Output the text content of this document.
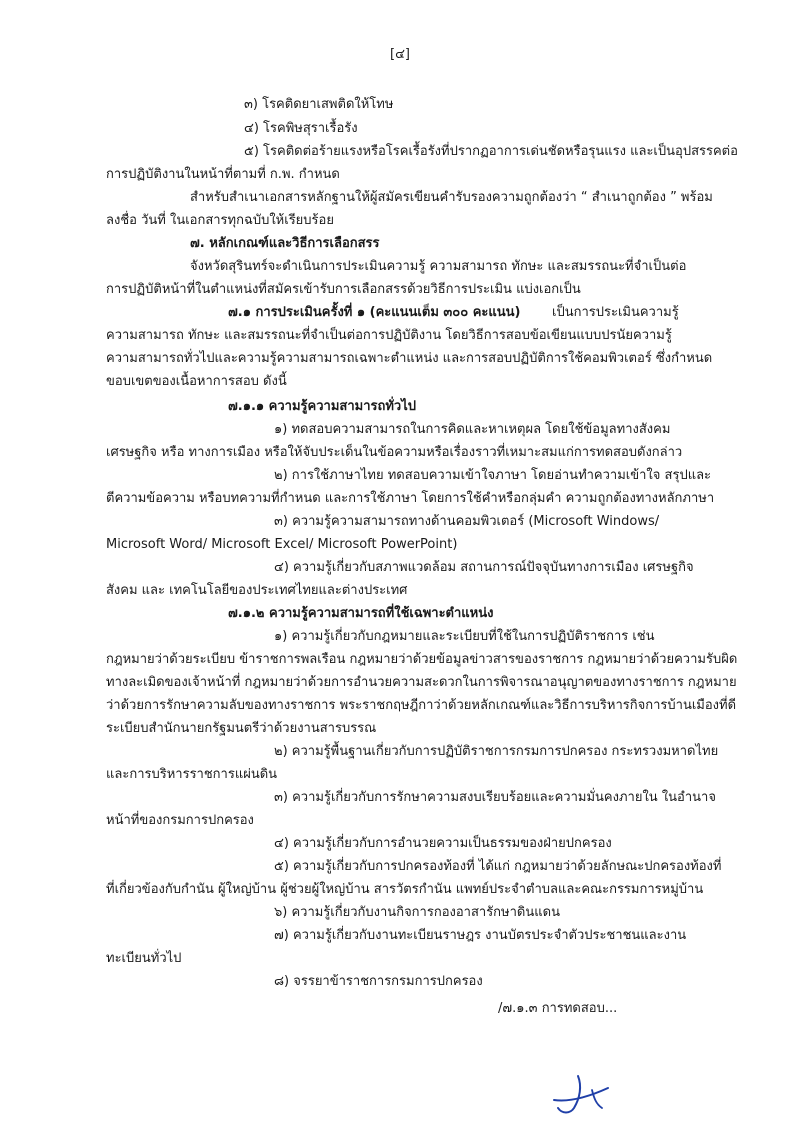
[๔]
๓) โรคติดยาเสพติดให้โทษ
๔) โรคพิษสุราเรื้อรัง
๕) โรคติดต่อร้ายแรงหรือโรคเรื้อรังที่ปรากฏอาการเด่นชัดหรือรุนแรง และเป็นอุปสรรคต่อ
การปฏิบัติงานในหน้าที่ตามที่ ก.พ. กำหนด
สำหรับสำเนาเอกสารหลักฐานให้ผู้สมัครเขียนคำรับรองความถูกต้องว่า “ สำเนาถูกต้อง ” พร้อม
ลงชื่อ วันที่ ในเอกสารทุกฉบับให้เรียบร้อย
๗. หลักเกณฑ์และวิธีการเลือกสรร
จังหวัดสุรินทร์จะดำเนินการประเมินความรู้ ความสามารถ ทักษะ และสมรรถนะที่จำเป็นต่อ
การปฏิบัติหน้าที่ในตำแหน่งที่สมัครเข้ารับการเลือกสรรด้วยวิธีการประเมิน แบ่งเอกเป็น
๗.๑ การประเมินครั้งที่ ๑ (คะแนนเต็ม ๓๐๐ คะแนน) เป็นการประเมินความรู้
ความสามารถ ทักษะ และสมรรถนะที่จำเป็นต่อการปฏิบัติงาน โดยวิธีการสอบข้อเขียนแบบปรนัยความรู้
ความสามารถทั่วไปและความรู้ความสามารถเฉพาะตำแหน่ง และการสอบปฏิบัติการใช้คอมพิวเตอร์ ซึ่งกำหนด
ขอบเขตของเนื้อหาการสอบ ดังนี้
๗.๑.๑ ความรู้ความสามารถทั่วไป
๑) ทดสอบความสามารถในการคิดและหาเหตุผล โดยใช้ข้อมูลทางสังคม
เศรษฐกิจ หรือ ทางการเมือง หรือให้จับประเด็นในข้อความหรือเรื่องราวที่เหมาะสมแก่การทดสอบดังกล่าว
๒) การใช้ภาษาไทย ทดสอบความเข้าใจภาษา โดยอ่านทำความเข้าใจ สรุปและ
ตีความข้อความ หรือบทความที่กำหนด และการใช้ภาษา โดยการใช้คำหรือกลุ่มคำ ความถูกต้องทางหลักภาษา
๓) ความรู้ความสามารถทางด้านคอมพิวเตอร์ (Microsoft Windows/
Microsoft Word/ Microsoft Excel/ Microsoft PowerPoint)
๔) ความรู้เกี่ยวกับสภาพแวดล้อม สถานการณ์ปัจจุบันทางการเมือง เศรษฐกิจ
สังคม และ เทคโนโลยีของประเทศไทยและต่างประเทศ
๗.๑.๒ ความรู้ความสามารถที่ใช้เฉพาะตำแหน่ง
๑) ความรู้เกี่ยวกับกฎหมายและระเบียบที่ใช้ในการปฏิบัติราชการ เช่น
กฎหมายว่าด้วยระเบียบ ข้าราชการพลเรือน กฎหมายว่าด้วยข้อมูลข่าวสารของราชการ กฎหมายว่าด้วยความรับผิด
ทางละเมิดของเจ้าหน้าที่ กฎหมายว่าด้วยการอำนวยความสะดวกในการพิจารณาอนุญาตของทางราชการ กฎหมาย
ว่าด้วยการรักษาความลับของทางราชการ พระราชกฤษฎีกาว่าด้วยหลักเกณฑ์และวิธีการบริหารกิจการบ้านเมืองที่ดี
ระเบียบสำนักนายกรัฐมนตรีว่าด้วยงานสารบรรณ
๒) ความรู้พื้นฐานเกี่ยวกับการปฏิบัติราชการกรมการปกครอง กระทรวงมหาดไทย
และการบริหารราชการแผ่นดิน
๓) ความรู้เกี่ยวกับการรักษาความสงบเรียบร้อยและความมั่นคงภายใน ในอำนาจ
หน้าที่ของกรมการปกครอง
๔) ความรู้เกี่ยวกับการอำนวยความเป็นธรรมของฝ่ายปกครอง
๕) ความรู้เกี่ยวกับการปกครองท้องที่ ได้แก่ กฎหมายว่าด้วยลักษณะปกครองท้องที่
ที่เกี่ยวข้องกับกำนัน ผู้ใหญ่บ้าน ผู้ช่วยผู้ใหญ่บ้าน สารวัตรกำนัน แพทย์ประจำตำบลและคณะกรรมการหมู่บ้าน
๖) ความรู้เกี่ยวกับงานกิจการกองอาสารักษาดินแดน
๗) ความรู้เกี่ยวกับงานทะเบียนราษฎร งานบัตรประจำตัวประชาชนและงาน
ทะเบียนทั่วไป
๘) จรรยาข้าราชการกรมการปกครอง
/๗.๑.๓ การทดสอบ...
